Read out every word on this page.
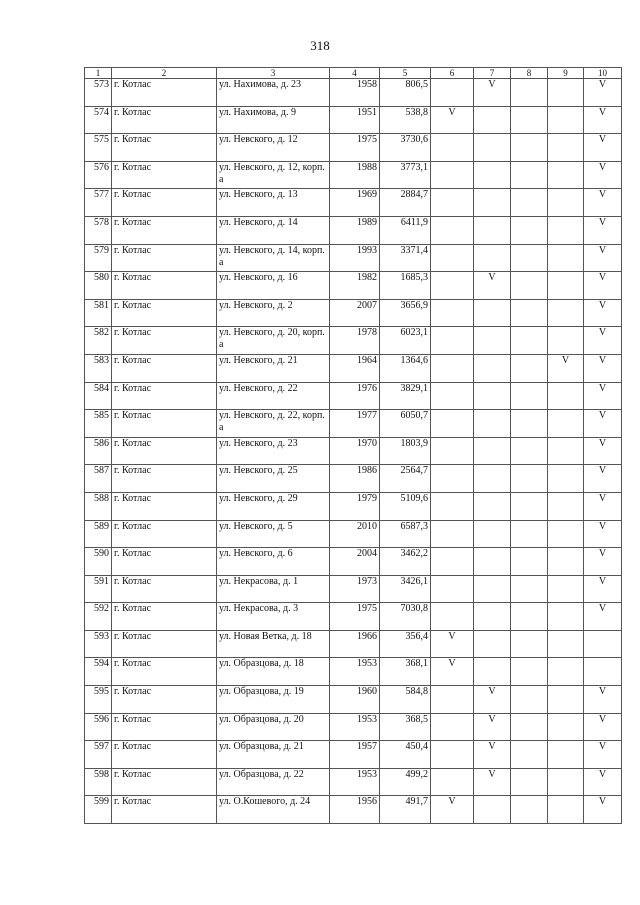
318
1	2	3	4	5	6	7	8	9	10
573	г. Котлас	ул. Нахимова, д. 23	1958	806,5		V			V
574	г. Котлас	ул. Нахимова, д. 9	1951	538,8	V				V
575	г. Котлас	ул. Невского, д. 12	1975	3730,6					V
576	г. Котлас	ул. Невского, д. 12, корп. а	1988	3773,1					V
577	г. Котлас	ул. Невского, д. 13	1969	2884,7					V
578	г. Котлас	ул. Невского, д. 14	1989	6411,9					V
579	г. Котлас	ул. Невского, д. 14, корп. а	1993	3371,4					V
580	г. Котлас	ул. Невского, д. 16	1982	1685,3		V			V
581	г. Котлас	ул. Невского, д. 2	2007	3656,9					V
582	г. Котлас	ул. Невского, д. 20, корп. а	1978	6023,1					V
583	г. Котлас	ул. Невского, д. 21	1964	1364,6				V	V
584	г. Котлас	ул. Невского, д. 22	1976	3829,1					V
585	г. Котлас	ул. Невского, д. 22, корп. а	1977	6050,7					V
586	г. Котлас	ул. Невского, д. 23	1970	1803,9					V
587	г. Котлас	ул. Невского, д. 25	1986	2564,7					V
588	г. Котлас	ул. Невского, д. 29	1979	5109,6					V
589	г. Котлас	ул. Невского, д. 5	2010	6587,3					V
590	г. Котлас	ул. Невского, д. 6	2004	3462,2					V
591	г. Котлас	ул. Некрасова, д. 1	1973	3426,1					V
592	г. Котлас	ул. Некрасова, д. 3	1975	7030,8					V
593	г. Котлас	ул. Новая Ветка, д. 18	1966	356,4	V				
594	г. Котлас	ул. Образцова, д. 18	1953	368,1	V				
595	г. Котлас	ул. Образцова, д. 19	1960	584,8		V			V
596	г. Котлас	ул. Образцова, д. 20	1953	368,5		V			V
597	г. Котлас	ул. Образцова, д. 21	1957	450,4		V			V
598	г. Котлас	ул. Образцова, д. 22	1953	499,2		V			V
599	г. Котлас	ул. О.Кошевого, д. 24	1956	491,7	V				V
